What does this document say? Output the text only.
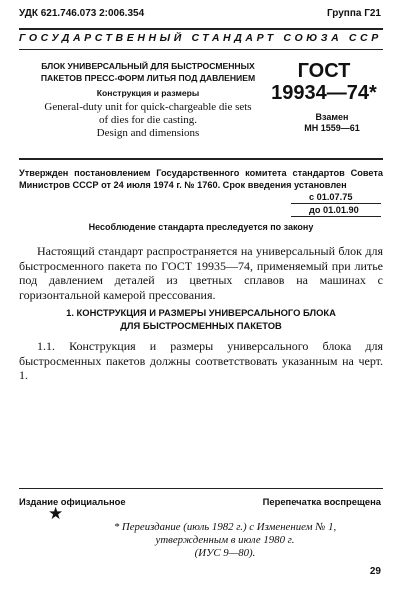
УДК 621.746.073 2:006.354	Группа Г21
ГОСУДАРСТВЕННЫЙ СТАНДАРТ СОЮЗА ССР
БЛОК УНИВЕРСАЛЬНЫЙ ДЛЯ БЫСТРОСМЕННЫХ
ПАКЕТОВ ПРЕСС-ФОРМ ЛИТЬЯ ПОД ДАВЛЕНИЕМ
Конструкция и размеры
General-duty unit for quick-chargeable die sets
of dies for die casting.
Design and dimensions
ГОСТ
19934—74*
Взамен
МН 1559—61
Утвержден постановлением Государственного комитета стандартов Совета Министров СССР от 24 июля 1974 г. № 1760. Срок введения установлен
с 01.07.75
до 01.01.90
Несоблюдение стандарта преследуется по закону
Настоящий стандарт распространяется на универсальный блок для быстросменного пакета по ГОСТ 19935—74, применяемый при литье под давлением деталей из цветных сплавов на машинах с горизонтальной камерой прессования.
1. КОНСТРУКЦИЯ И РАЗМЕРЫ УНИВЕРСАЛЬНОГО БЛОКА
ДЛЯ БЫСТРОСМЕННЫХ ПАКЕТОВ
1.1. Конструкция и размеры универсального блока для быстросменных пакетов должны соответствовать указанным на черт. 1.
Издание официальное	Перепечатка воспрещена
★
* Переиздание (июль 1982 г.) с Изменением № 1,
утвержденным в июле 1980 г.
(ИУС 9—80).
29
